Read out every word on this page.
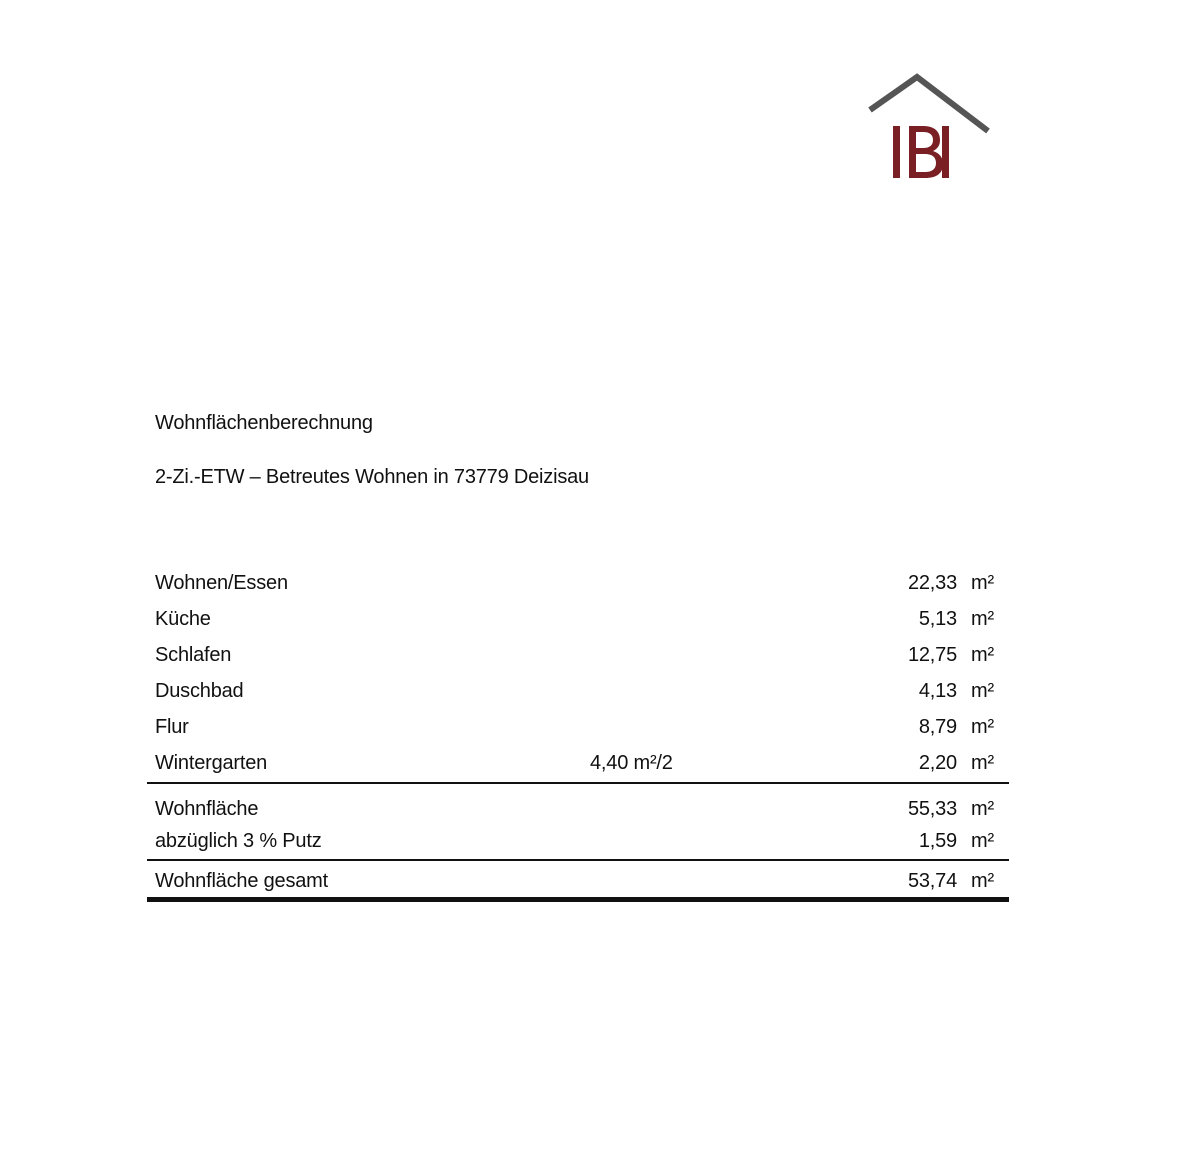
Wohnflächenberechnung
2-Zi.-ETW – Betreutes Wohnen in 73779 Deizisau
Wohnen/Essen	22,33 m²
Küche	5,13 m²
Schlafen	12,75 m²
Duschbad	4,13 m²
Flur	8,79 m²
Wintergarten	4,40 m²/2	2,20 m²
Wohnfläche	55,33 m²
abzüglich 3 % Putz	1,59 m²
Wohnfläche gesamt	53,74 m²
